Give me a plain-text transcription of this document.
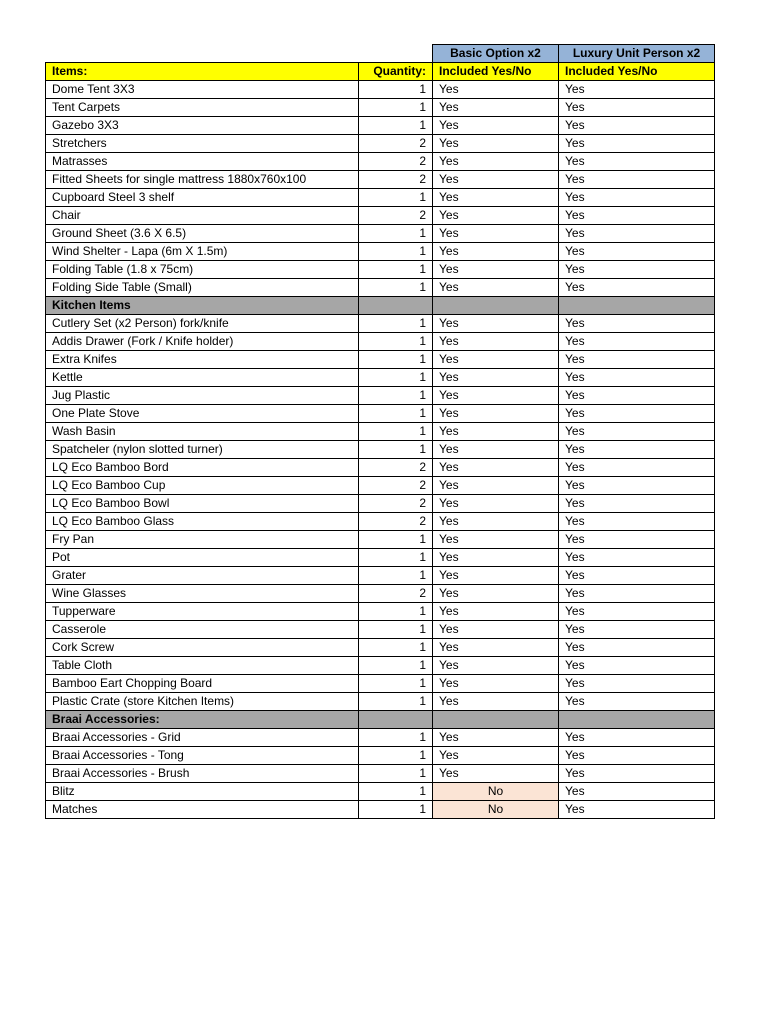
		Basic Option x2	Luxury Unit Person x2
Items:	Quantity:	Included Yes/No	Included Yes/No
Dome Tent 3X3	1	Yes	Yes
Tent Carpets	1	Yes	Yes
Gazebo 3X3	1	Yes	Yes
Stretchers	2	Yes	Yes
Matrasses	2	Yes	Yes
Fitted Sheets for single mattress 1880x760x100	2	Yes	Yes
Cupboard Steel 3 shelf	1	Yes	Yes
Chair	2	Yes	Yes
Ground Sheet (3.6 X 6.5)	1	Yes	Yes
Wind Shelter - Lapa (6m X 1.5m)	1	Yes	Yes
Folding Table (1.8 x 75cm)	1	Yes	Yes
Folding Side Table (Small)	1	Yes	Yes
Kitchen Items			
Cutlery Set (x2 Person) fork/knife	1	Yes	Yes
Addis Drawer (Fork / Knife holder)	1	Yes	Yes
Extra Knifes	1	Yes	Yes
Kettle	1	Yes	Yes
Jug Plastic	1	Yes	Yes
One Plate Stove	1	Yes	Yes
Wash Basin	1	Yes	Yes
Spatcheler (nylon slotted turner)	1	Yes	Yes
LQ Eco Bamboo Bord	2	Yes	Yes
LQ Eco Bamboo Cup	2	Yes	Yes
LQ Eco Bamboo Bowl	2	Yes	Yes
LQ Eco Bamboo Glass	2	Yes	Yes
Fry Pan	1	Yes	Yes
Pot	1	Yes	Yes
Grater	1	Yes	Yes
Wine Glasses	2	Yes	Yes
Tupperware	1	Yes	Yes
Casserole	1	Yes	Yes
Cork Screw	1	Yes	Yes
Table Cloth	1	Yes	Yes
Bamboo Eart Chopping Board	1	Yes	Yes
Plastic Crate (store Kitchen Items)	1	Yes	Yes
Braai Accessories:			
Braai Accessories - Grid	1	Yes	Yes
Braai Accessories - Tong	1	Yes	Yes
Braai Accessories - Brush	1	Yes	Yes
Blitz	1	No	Yes
Matches	1	No	Yes
